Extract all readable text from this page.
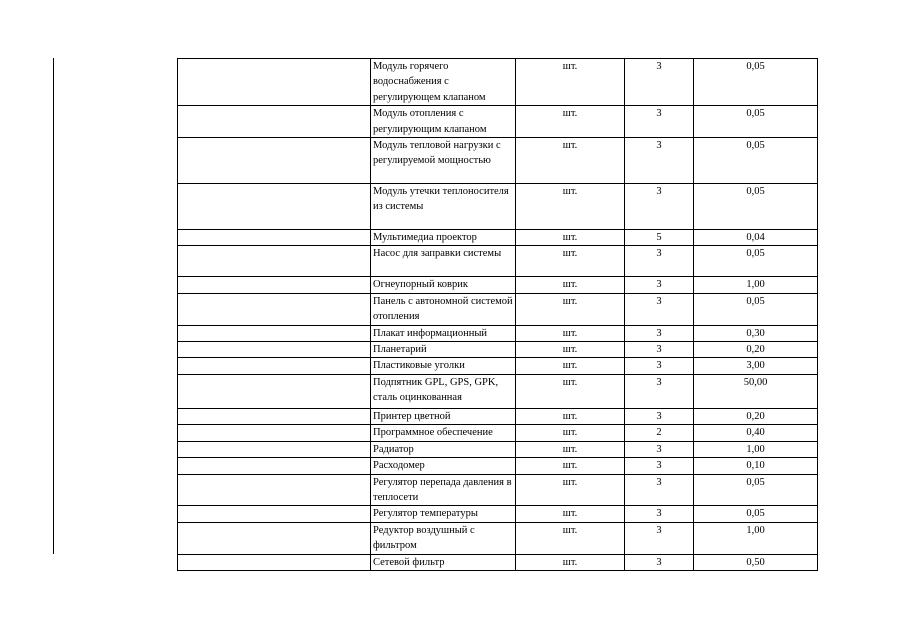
	Модуль горячего водоснабжения с регулирующем клапаном	шт.	3	0,05
	Модуль отопления с регулирующим клапаном	шт.	3	0,05
	Модуль тепловой нагрузки с регулируемой мощностью	шт.	3	0,05
	Модуль утечки теплоносителя из системы	шт.	3	0,05
	Мультимедиа проектор	шт.	5	0,04
	Насос для заправки системы	шт.	3	0,05
	Огнеупорный коврик	шт.	3	1,00
	Панель с автономной системой отопления	шт.	3	0,05
	Плакат информационный	шт.	3	0,30
	Планетарий	шт.	3	0,20
	Пластиковые уголки	шт.	3	3,00
	Подпятник GPL, GPS, GPK, сталь оцинкованная	шт.	3	50,00
	Принтер цветной	шт.	3	0,20
	Программное обеспечение	шт.	2	0,40
	Радиатор	шт.	3	1,00
	Расходомер	шт.	3	0,10
	Регулятор перепада давления в теплосети	шт.	3	0,05
	Регулятор температуры	шт.	3	0,05
	Редуктор воздушный с фильтром	шт.	3	1,00
	Сетевой фильтр	шт.	3	0,50
